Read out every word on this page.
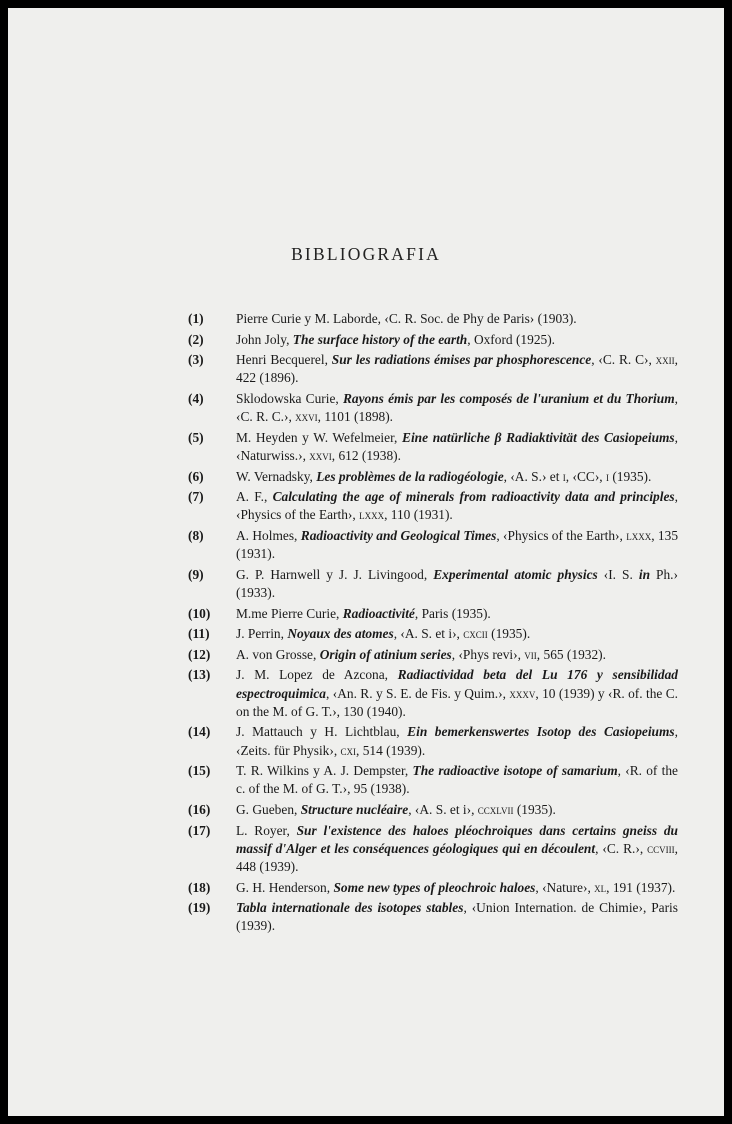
BIBLIOGRAFIA
(1)	Pierre Curie y M. Laborde, ‹C. R. Soc. de Phy de Paris› (1903).
(2)	John Joly, The surface history of the earth, Oxford (1925).
(3)	Henri Becquerel, Sur les radiations émises par phosphorescence, ‹C. R. C›, xxii, 422 (1896).
(4)	Sklodowska Curie, Rayons émis par les composés de l'uranium et du Thorium, ‹C. R. C.›, xxvi, 1101 (1898).
(5)	M. Heyden y W. Wefelmeier, Eine natürliche β Radiaktivität des Casiopeiums, ‹Naturwiss.›, xxvi, 612 (1938).
(6)	W. Vernadsky, Les problèmes de la radiogéologie, ‹A. S.› et i, ‹CC›, i (1935).
(7)	A. F., Calculating the age of minerals from radioactivity data and principles, ‹Physics of the Earth›, lxxx, 110 (1931).
(8)	A. Holmes, Radioactivity and Geological Times, ‹Physics of the Earth›, lxxx, 135 (1931).
(9)	G. P. Harnwell y J. J. Livingood, Experimental atomic physics ‹I. S. in Ph.› (1933).
(10)	M.me Pierre Curie, Radioactivité, Paris (1935).
(11)	J. Perrin, Noyaux des atomes, ‹A. S. et i›, cxcii (1935).
(12)	A. von Grosse, Origin of atinium series, ‹Phys revi›, vii, 565 (1932).
(13)	J. M. Lopez de Azcona, Radiactividad beta del Lu 176 y sensibilidad espectroquimica, ‹An. R. y S. E. de Fis. y Quim.›, xxxv, 10 (1939) y ‹R. of. the C. on the M. of G. T.›, 130 (1940).
(14)	J. Mattauch y H. Lichtblau, Ein bemerkenswertes Isotop des Casiopeiums, ‹Zeits. für Physik›, cxi, 514 (1939).
(15)	T. R. Wilkins y A. J. Dempster, The radioactive isotope of samarium, ‹R. of the c. of the M. of G. T.›, 95 (1938).
(16)	G. Gueben, Structure nucléaire, ‹A. S. et i›, ccxlvii (1935).
(17)	L. Royer, Sur l'existence des haloes pléochroiques dans certains gneiss du massif d'Alger et les conséquences géologiques qui en découlent, ‹C. R.›, ccviii, 448 (1939).
(18)	G. H. Henderson, Some new types of pleochroic haloes, ‹Nature›, xl, 191 (1937).
(19)	Tabla internationale des isotopes stables, ‹Union Internation. de Chimie›, Paris (1939).
